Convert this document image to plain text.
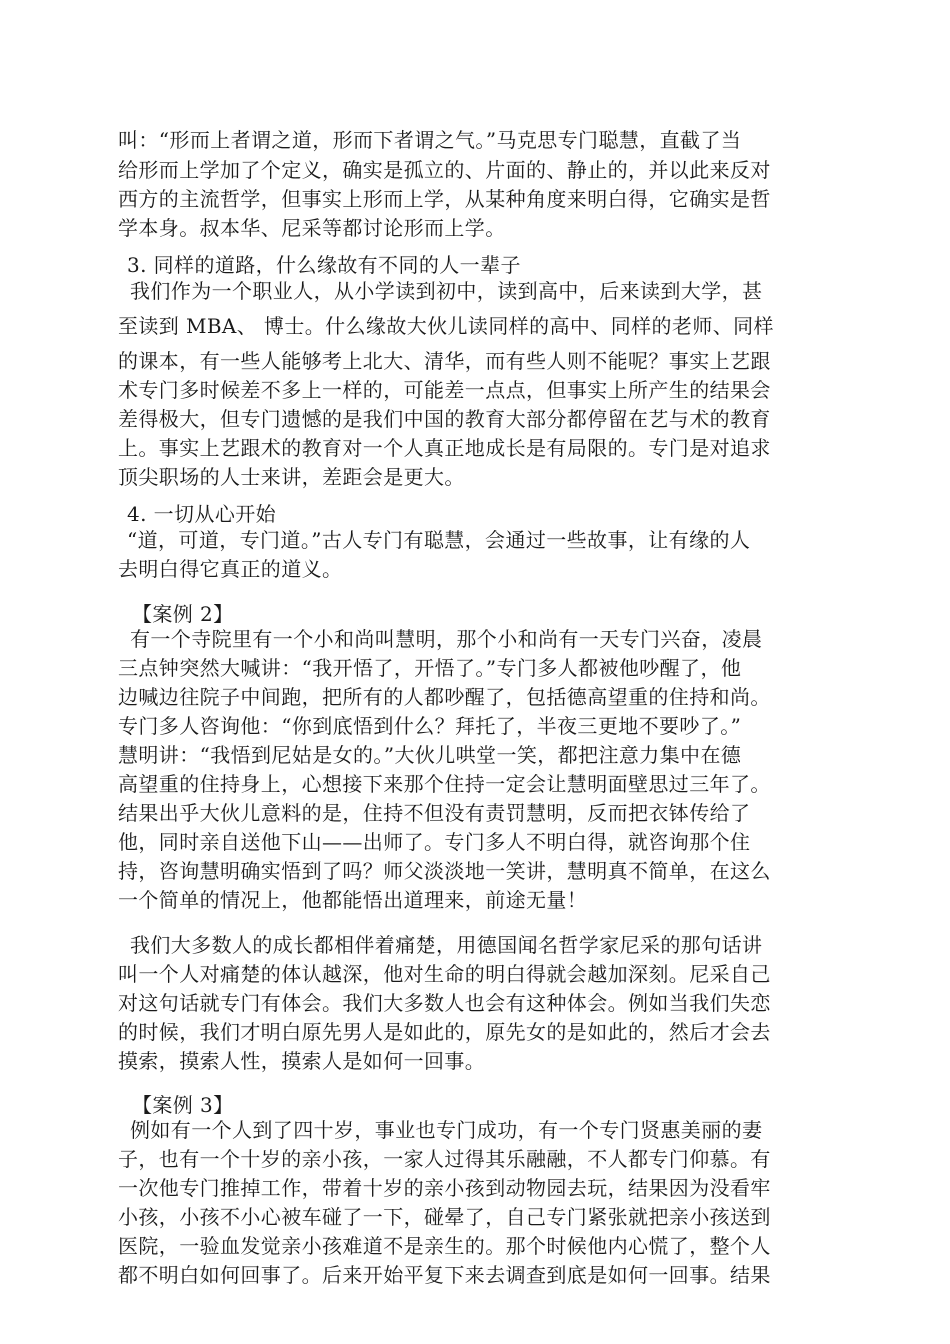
叫：“形而上者谓之道，形而下者谓之气。”马克思专门聪慧，直截了当
给形而上学加了个定义，确实是孤立的、片面的、静止的，并以此来反对
西方的主流哲学，但事实上形而上学，从某种角度来明白得，它确实是哲
学本身。叔本华、尼采等都讨论形而上学。
3. 同样的道路，什么缘故有不同的人一辈子
我们作为一个职业人，从小学读到初中，读到高中，后来读到大学，甚
至读到 MBA、 博士。什么缘故大伙儿读同样的高中、同样的老师、同样
的课本，有一些人能够考上北大、清华，而有些人则不能呢？事实上艺跟
术专门多时候差不多上一样的，可能差一点点，但事实上所产生的结果会
差得极大，但专门遗憾的是我们中国的教育大部分都停留在艺与术的教育
上。事实上艺跟术的教育对一个人真正地成长是有局限的。专门是对追求
顶尖职场的人士来讲，差距会是更大。
4. 一切从心开始
“道，可道，专门道。”古人专门有聪慧，会通过一些故事，让有缘的人
去明白得它真正的道义。
【案例 2】
有一个寺院里有一个小和尚叫慧明，那个小和尚有一天专门兴奋，凌晨
三点钟突然大喊讲：“我开悟了，开悟了。”专门多人都被他吵醒了，他
边喊边往院子中间跑，把所有的人都吵醒了，包括德高望重的住持和尚。
专门多人咨询他：“你到底悟到什么？拜托了，半夜三更地不要吵了。”
慧明讲：“我悟到尼姑是女的。”大伙儿哄堂一笑，都把注意力集中在德
高望重的住持身上，心想接下来那个住持一定会让慧明面壁思过三年了。
结果出乎大伙儿意料的是，住持不但没有责罚慧明，反而把衣钵传给了
他，同时亲自送他下山——出师了。专门多人不明白得，就咨询那个住
持，咨询慧明确实悟到了吗？师父淡淡地一笑讲，慧明真不简单，在这么
一个简单的情况上，他都能悟出道理来，前途无量！
我们大多数人的成长都相伴着痛楚，用德国闻名哲学家尼采的那句话讲
叫一个人对痛楚的体认越深，他对生命的明白得就会越加深刻。尼采自己
对这句话就专门有体会。我们大多数人也会有这种体会。例如当我们失恋
的时候，我们才明白原先男人是如此的，原先女的是如此的，然后才会去
摸索，摸索人性，摸索人是如何一回事。
【案例 3】
例如有一个人到了四十岁，事业也专门成功，有一个专门贤惠美丽的妻
子，也有一个十岁的亲小孩，一家人过得其乐融融，不人都专门仰慕。有
一次他专门推掉工作，带着十岁的亲小孩到动物园去玩，结果因为没看牢
小孩，小孩不小心被车碰了一下，碰晕了，自己专门紧张就把亲小孩送到
医院，一验血发觉亲小孩难道不是亲生的。那个时候他内心慌了，整个人
都不明白如何回事了。后来开始平复下来去调查到底是如何一回事。结果
